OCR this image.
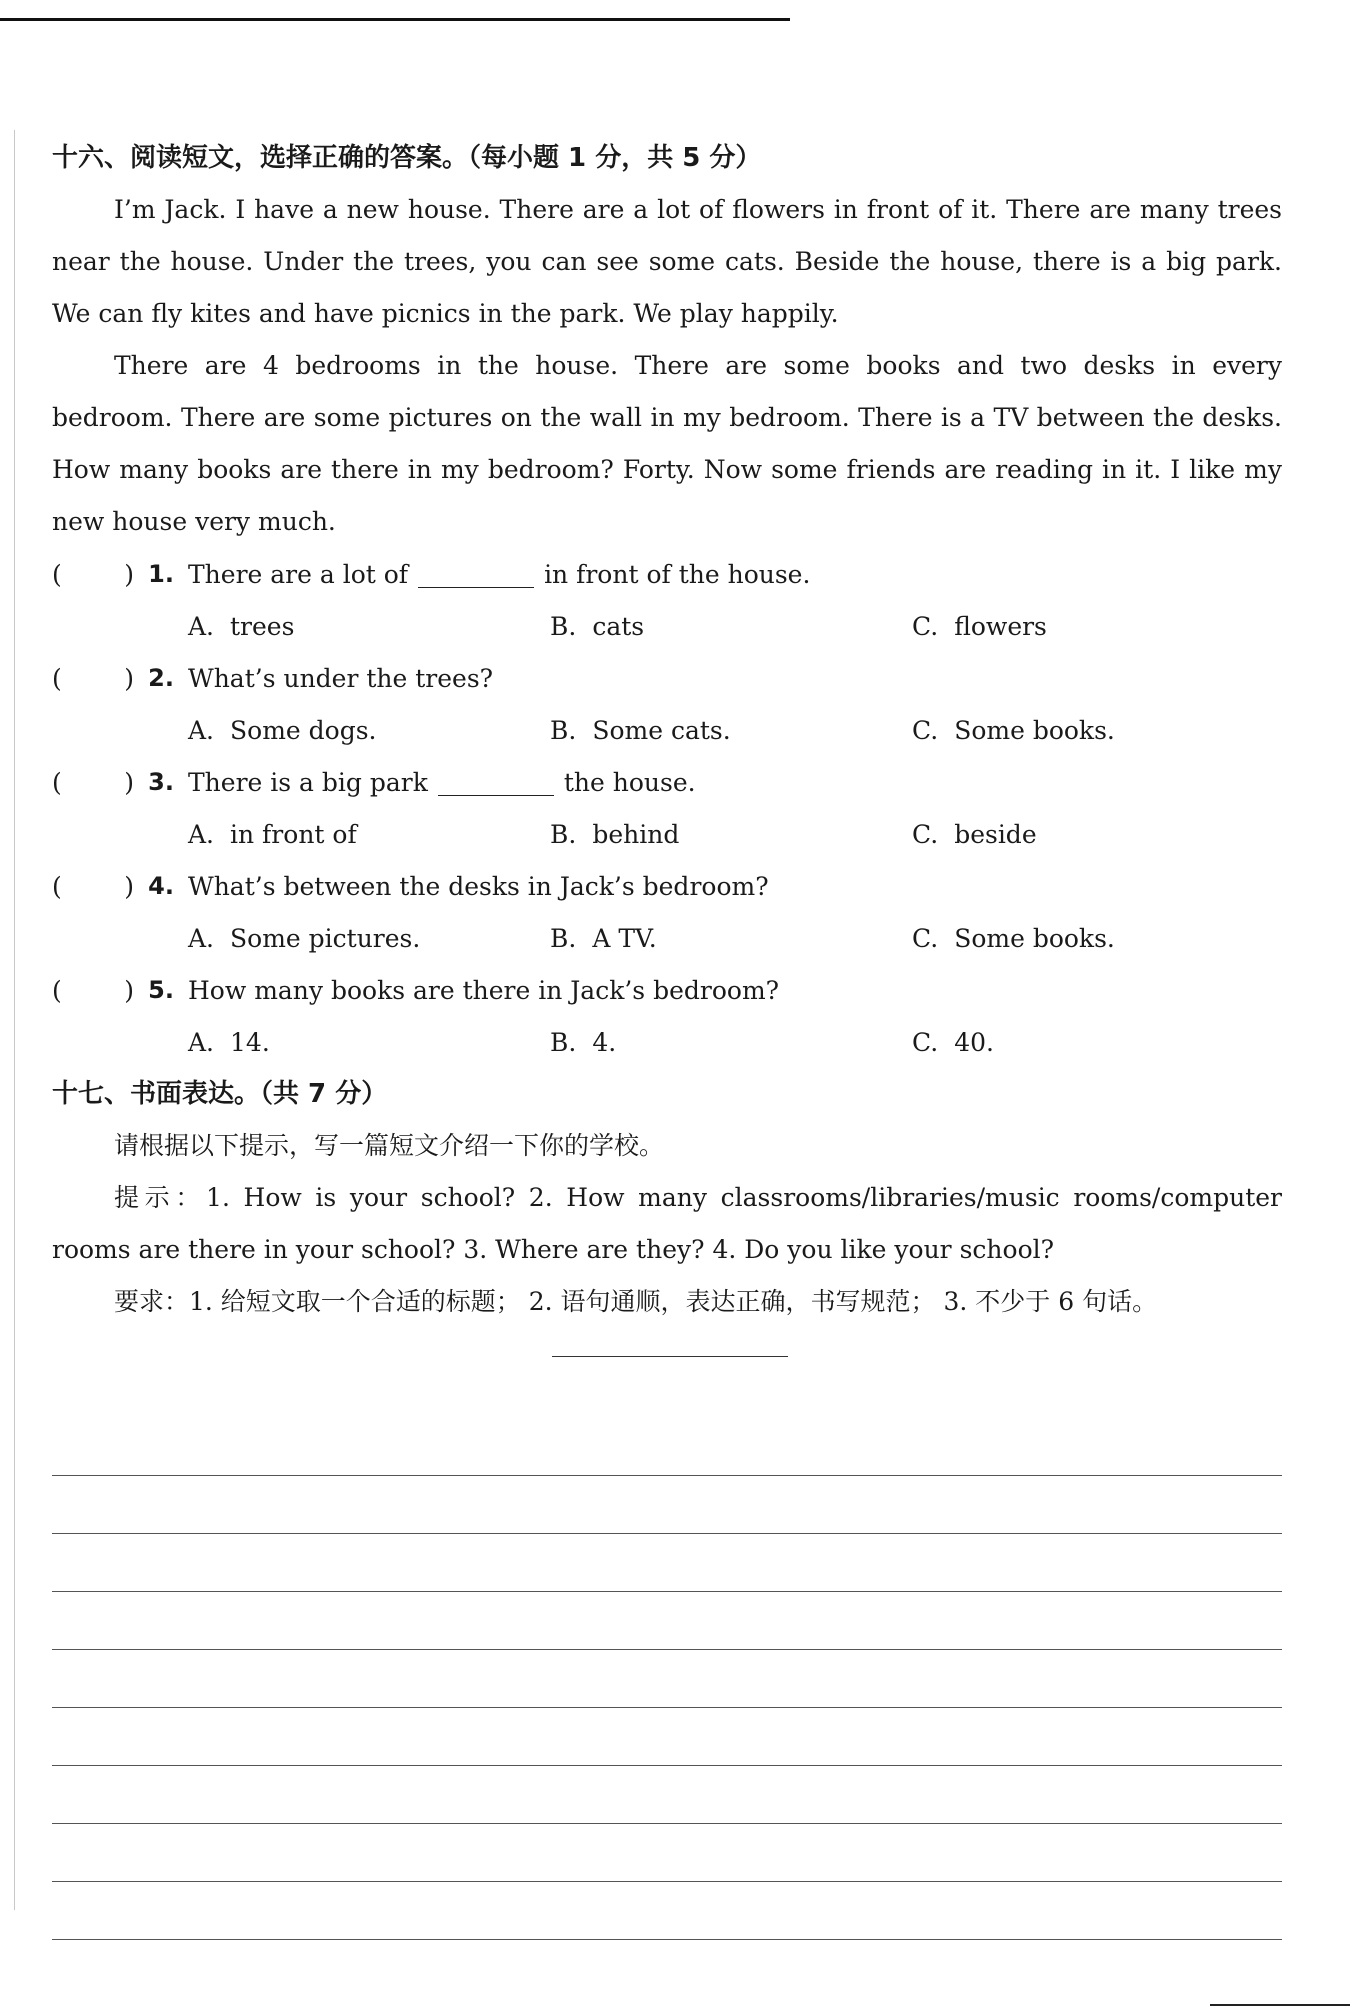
十六、阅读短文，选择正确的答案。（每小题 1 分，共 5 分）

I’m Jack. I have a new house. There are a lot of flowers in front of it. There are many trees near the house. Under the trees, you can see some cats. Beside the house, there is a big park. We can fly kites and have picnics in the park. We play happily.

There are 4 bedrooms in the house. There are some books and two desks in every bedroom. There are some pictures on the wall in my bedroom. There is a TV between the desks. How many books are there in my bedroom? Forty. Now some friends are reading in it. I like my new house very much.

( ) 1. There are a lot of	in front of the house.
A. trees	B. cats	C. flowers
( ) 2. What’s under the trees?
A. Some dogs.	B. Some cats.	C. Some books.
( ) 3. There is a big park	the house.
A. in front of	B. behind	C. beside
( ) 4. What’s between the desks in Jack’s bedroom?
A. Some pictures.	B. A TV.	C. Some books.
( ) 5. How many books are there in Jack’s bedroom?
A. 14.	B. 4.	C. 40.
十七、书面表达。（共 7 分）

请根据以下提示，写一篇短文介绍一下你的学校。

提示：1. How is your school? 2. How many classrooms/libraries/music rooms/computer rooms are there in your school? 3. Where are they? 4. Do you like your school?

要求：1. 给短文取一个合适的标题； 2. 语句通顺，表达正确，书写规范； 3. 不少于 6 句话。
